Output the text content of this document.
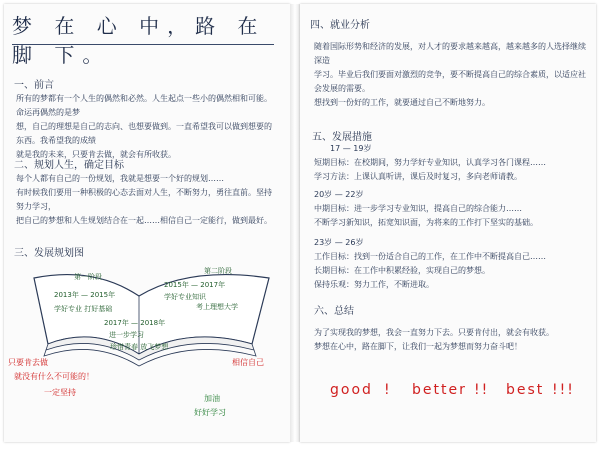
梦 在 心 中，路 在 脚 下。
一、前言
所有的梦都有一个人生的偶然和必然。人生起点一些小的偶然相和可能。命运再偶然的是梦
想，自己的理想是自己的志向、也想要做到。一直希望我可以做到想要的东西。我希望我的成绩
就是我的未来，只要肯去做，就会有所收获。
二、规划人生，确定目标
每个人都有自己的一份规划，我就是想要一个好的规划……
有时候我们要用一种积极的心态去面对人生，不断努力，勇往直前。坚持努力学习，
把自己的梦想和人生规划结合在一起……相信自己一定能行，做到最好。
三、发展规划图
第一阶段
2013年 — 2015年
学好专业 打好基础
第二阶段
考上理想大学
2015年 — 2017年
学好专业知识
2017年 — 2018年
进一步学习
珍惜青春 放飞梦想
只要肯去做
就没有什么不可能的！
一定坚持
相信自己
加油
好好学习
四、就业分析
随着国际形势和经济的发展，对人才的要求越来越高，越来越多的人选择继续深造
学习。毕业后我们要面对激烈的竞争，要不断提高自己的综合素质，以适应社会发展的需要。
想找到一份好的工作，就要通过自己不断地努力。
五、发展措施
17 — 19岁
短期目标：在校期间，努力学好专业知识，认真学习各门课程……
学习方法：上课认真听讲，课后及时复习，多向老师请教。
20岁 — 22岁
中期目标：进一步学习专业知识，提高自己的综合能力……
不断学习新知识，拓宽知识面，为将来的工作打下坚实的基础。
23岁 — 26岁
工作目标：找到一份适合自己的工作，在工作中不断提高自己……
长期目标：在工作中积累经验，实现自己的梦想。
保持乐观：努力工作，不断进取。
六、总结
为了实现我的梦想，我会一直努力下去。只要肯付出，就会有收获。
梦想在心中，路在脚下，让我们一起为梦想而努力奋斗吧！
good ! better !! best !!!
